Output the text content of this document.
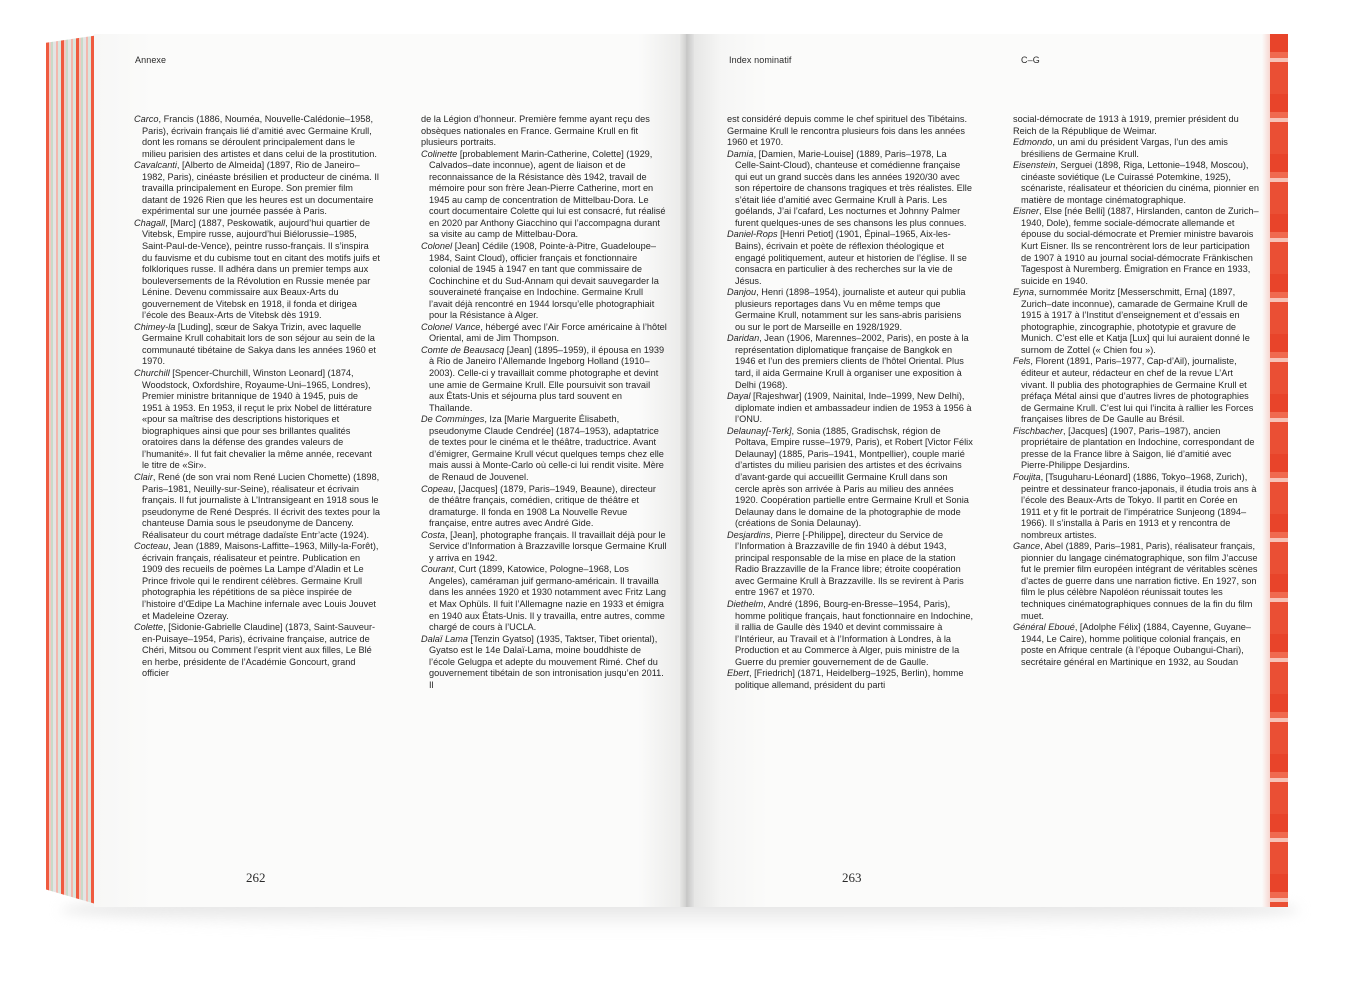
Annexe	Index nominatif	C–G

Carco, Francis (1886, Nouméa, Nouvelle-Calédonie–1958, Paris), écrivain français lié d’amitié avec Germaine Krull, dont les romans se déroulent principalement dans le milieu parisien des artistes et dans celui de la prostitution.

Cavalcanti, [Alberto de Almeida] (1897, Rio de Janeiro–1982, Paris), cinéaste brésilien et producteur de cinéma. Il travailla principalement en Europe. Son premier film datant de 1926 Rien que les heures est un documentaire expérimental sur une journée passée à Paris.

Chagall, [Marc] (1887, Peskowatik, aujourd’hui quartier de Vitebsk, Empire russe, aujourd’hui Biélorussie–1985, Saint-Paul-de-Vence), peintre russo-français. Il s’inspira du fauvisme et du cubisme tout en citant des motifs juifs et folkloriques russe. Il adhéra dans un premier temps aux bouleversements de la Révolution en Russie menée par Lénine. Devenu commissaire aux Beaux-Arts du gouvernement de Vitebsk en 1918, il fonda et dirigea l’école des Beaux-Arts de Vitebsk dès 1919.

Chimey-la [Luding], sœur de Sakya Trizin, avec laquelle Germaine Krull cohabitait lors de son séjour au sein de la communauté tibétaine de Sakya dans les années 1960 et 1970.

Churchill [Spencer-Churchill, Winston Leonard] (1874, Woodstock, Oxfordshire, Royaume-Uni–1965, Londres), Premier ministre britannique de 1940 à 1945, puis de 1951 à 1953. En 1953, il reçut le prix Nobel de littérature «pour sa maîtrise des descriptions historiques et biographiques ainsi que pour ses brillantes qualités oratoires dans la défense des grandes valeurs de l’humanité». Il fut fait chevalier la même année, recevant le titre de «Sir».

Clair, René (de son vrai nom René Lucien Chomette) (1898, Paris–1981, Neuilly-sur-Seine), réalisateur et écrivain français. Il fut journaliste à L’Intransigeant en 1918 sous le pseudonyme de René Després. Il écrivit des textes pour la chanteuse Damia sous le pseudonyme de Danceny. Réalisateur du court métrage dadaïste Entr’acte (1924).

Cocteau, Jean (1889, Maisons-Laffitte–1963, Milly-la-Forêt), écrivain français, réalisateur et peintre. Publication en 1909 des recueils de poèmes La Lampe d’Aladin et Le Prince frivole qui le rendirent célèbres. Germaine Krull photographia les répétitions de sa pièce inspirée de l’histoire d’Œdipe La Machine infernale avec Louis Jouvet et Madeleine Ozeray.

Colette, [Sidonie-Gabrielle Claudine] (1873, Saint-Sauveur-en-Puisaye–1954, Paris), écrivaine française, autrice de Chéri, Mitsou ou Comment l’esprit vient aux filles, Le Blé en herbe, présidente de l’Académie Goncourt, grand officier

de la Légion d’honneur. Première femme ayant reçu des obsèques nationales en France. Germaine Krull en fit plusieurs portraits.

Colinette [probablement Marin-Catherine, Colette] (1929, Calvados–date inconnue), agent de liaison et de reconnaissance de la Résistance dès 1942, travail de mémoire pour son frère Jean-Pierre Catherine, mort en 1945 au camp de concentration de Mittelbau-Dora. Le court documentaire Colette qui lui est consacré, fut réalisé en 2020 par Anthony Giacchino qui l’accompagna durant sa visite au camp de Mittelbau-Dora.

Colonel [Jean] Cédile (1908, Pointe-à-Pitre, Guadeloupe–1984, Saint Cloud), officier français et fonctionnaire colonial de 1945 à 1947 en tant que commissaire de Cochinchine et du Sud-Annam qui devait sauvegarder la souveraineté française en Indochine. Germaine Krull l’avait déjà rencontré en 1944 lorsqu’elle photographiait pour la Résistance à Alger.

Colonel Vance, hébergé avec l’Air Force américaine à l’hôtel Oriental, ami de Jim Thompson.

Comte de Beausacq [Jean] (1895–1959), il épousa en 1939 à Rio de Janeiro l’Allemande Ingeborg Holland (1910–2003). Celle-ci y travaillait comme photographe et devint une amie de Germaine Krull. Elle poursuivit son travail aux États-Unis et séjourna plus tard souvent en Thaïlande.

De Comminges, Iza [Marie Marguerite Élisabeth, pseudonyme Claude Cendrée] (1874–1953), adaptatrice de textes pour le cinéma et le théâtre, traductrice. Avant d’émigrer, Germaine Krull vécut quelques temps chez elle mais aussi à Monte-Carlo où celle-ci lui rendit visite. Mère de Renaud de Jouvenel.

Copeau, [Jacques] (1879, Paris–1949, Beaune), directeur de théâtre français, comédien, critique de théâtre et dramaturge. Il fonda en 1908 La Nouvelle Revue française, entre autres avec André Gide.

Costa, [Jean], photographe français. Il travaillait déjà pour le Service d’Information à Brazzaville lorsque Germaine Krull y arriva en 1942.

Courant, Curt (1899, Katowice, Pologne–1968, Los Angeles), caméraman juif germano-américain. Il travailla dans les années 1920 et 1930 notamment avec Fritz Lang et Max Ophüls. Il fuit l’Allemagne nazie en 1933 et émigra en 1940 aux États-Unis. Il y travailla, entre autres, comme chargé de cours à l’UCLA.

Dalaï Lama [Tenzin Gyatso] (1935, Taktser, Tibet oriental), Gyatso est le 14e Dalaï-Lama, moine bouddhiste de l’école Gelugpa et adepte du mouvement Rimé. Chef du gouvernement tibétain de son intronisation jusqu’en 2011. Il

est considéré depuis comme le chef spirituel des Tibétains. Germaine Krull le rencontra plusieurs fois dans les années 1960 et 1970.

Damia, [Damien, Marie-Louise] (1889, Paris–1978, La Celle-Saint-Cloud), chanteuse et comédienne française qui eut un grand succès dans les années 1920/30 avec son répertoire de chansons tragiques et très réalistes. Elle s’était liée d’amitié avec Germaine Krull à Paris. Les goélands, J’ai l’cafard, Les nocturnes et Johnny Palmer furent quelques-unes de ses chansons les plus connues.

Daniel-Rops [Henri Petiot] (1901, Épinal–1965, Aix-les-Bains), écrivain et poète de réflexion théologique et engagé politiquement, auteur et historien de l’église. Il se consacra en particulier à des recherches sur la vie de Jésus.

Danjou, Henri (1898–1954), journaliste et auteur qui publia plusieurs reportages dans Vu en même temps que Germaine Krull, notamment sur les sans-abris parisiens ou sur le port de Marseille en 1928/1929.

Daridan, Jean (1906, Marennes–2002, Paris), en poste à la représentation diplomatique française de Bangkok en 1946 et l’un des premiers clients de l’hôtel Oriental. Plus tard, il aida Germaine Krull à organiser une exposition à Delhi (1968).

Dayal [Rajeshwar] (1909, Nainital, Inde–1999, New Delhi), diplomate indien et ambassadeur indien de 1953 à 1956 à l’ONU.

Delaunay[-Terk], Sonia (1885, Gradischsk, région de Poltava, Empire russe–1979, Paris), et Robert [Victor Félix Delaunay] (1885, Paris–1941, Montpellier), couple marié d’artistes du milieu parisien des artistes et des écrivains d’avant-garde qui accueillit Germaine Krull dans son cercle après son arrivée à Paris au milieu des années 1920. Coopération partielle entre Germaine Krull et Sonia Delaunay dans le domaine de la photographie de mode (créations de Sonia Delaunay).

Desjardins, Pierre [-Philippe], directeur du Service de l’Information à Brazzaville de fin 1940 à début 1943, principal responsable de la mise en place de la station Radio Brazzaville de la France libre; étroite coopération avec Germaine Krull à Brazzaville. Ils se revirent à Paris entre 1967 et 1970.

Diethelm, André (1896, Bourg-en-Bresse–1954, Paris), homme politique français, haut fonctionnaire en Indochine, il rallia de Gaulle dès 1940 et devint commissaire à l’Intérieur, au Travail et à l’Information à Londres, à la Production et au Commerce à Alger, puis ministre de la Guerre du premier gouvernement de de Gaulle.

Ebert, [Friedrich] (1871, Heidelberg–1925, Berlin), homme politique allemand, président du parti

social-démocrate de 1913 à 1919, premier président du Reich de la République de Weimar.

Edmondo, un ami du président Vargas, l’un des amis brésiliens de Germaine Krull.

Eisenstein, Serguei (1898, Riga, Lettonie–1948, Moscou), cinéaste soviétique (Le Cuirassé Potemkine, 1925), scénariste, réalisateur et théoricien du cinéma, pionnier en matière de montage cinématographique.

Eisner, Else [née Belli] (1887, Hirslanden, canton de Zurich–1940, Dole), femme sociale-démocrate allemande et épouse du social-démocrate et Premier ministre bavarois Kurt Eisner. Ils se rencontrèrent lors de leur participation de 1907 à 1910 au journal social-démocrate Fränkischen Tagespost à Nuremberg. Émigration en France en 1933, suicide en 1940.

Eyna, surnommée Moritz [Messerschmitt, Erna] (1897, Zurich–date inconnue), camarade de Germaine Krull de 1915 à 1917 à l’Institut d’enseignement et d’essais en photographie, zincographie, phototypie et gravure de Munich. C’est elle et Katja [Lux] qui lui auraient donné le surnom de Zottel (« Chien fou »).

Fels, Florent (1891, Paris–1977, Cap-d’Ail), journaliste, éditeur et auteur, rédacteur en chef de la revue L’Art vivant. Il publia des photographies de Germaine Krull et préfaça Métal ainsi que d’autres livres de photographies de Germaine Krull. C’est lui qui l’incita à rallier les Forces françaises libres de De Gaulle au Brésil.

Fischbacher, [Jacques] (1907, Paris–1987), ancien propriétaire de plantation en Indochine, correspondant de presse de la France libre à Saigon, lié d’amitié avec Pierre-Philippe Desjardins.

Foujita, [Tsuguharu-Léonard] (1886, Tokyo–1968, Zurich), peintre et dessinateur franco-japonais, il étudia trois ans à l’école des Beaux-Arts de Tokyo. Il partit en Corée en 1911 et y fit le portrait de l’impératrice Sunjeong (1894–1966). Il s’installa à Paris en 1913 et y rencontra de nombreux artistes.

Gance, Abel (1889, Paris–1981, Paris), réalisateur français, pionnier du langage cinématographique, son film J’accuse fut le premier film européen intégrant de véritables scènes d’actes de guerre dans une narration fictive. En 1927, son film le plus célèbre Napoléon réunissait toutes les techniques cinématographiques connues de la fin du film muet.

Général Eboué, [Adolphe Félix] (1884, Cayenne, Guyane–1944, Le Caire), homme politique colonial français, en poste en Afrique centrale (à l’époque Oubangui-Chari), secrétaire général en Martinique en 1932, au Soudan

262	263
